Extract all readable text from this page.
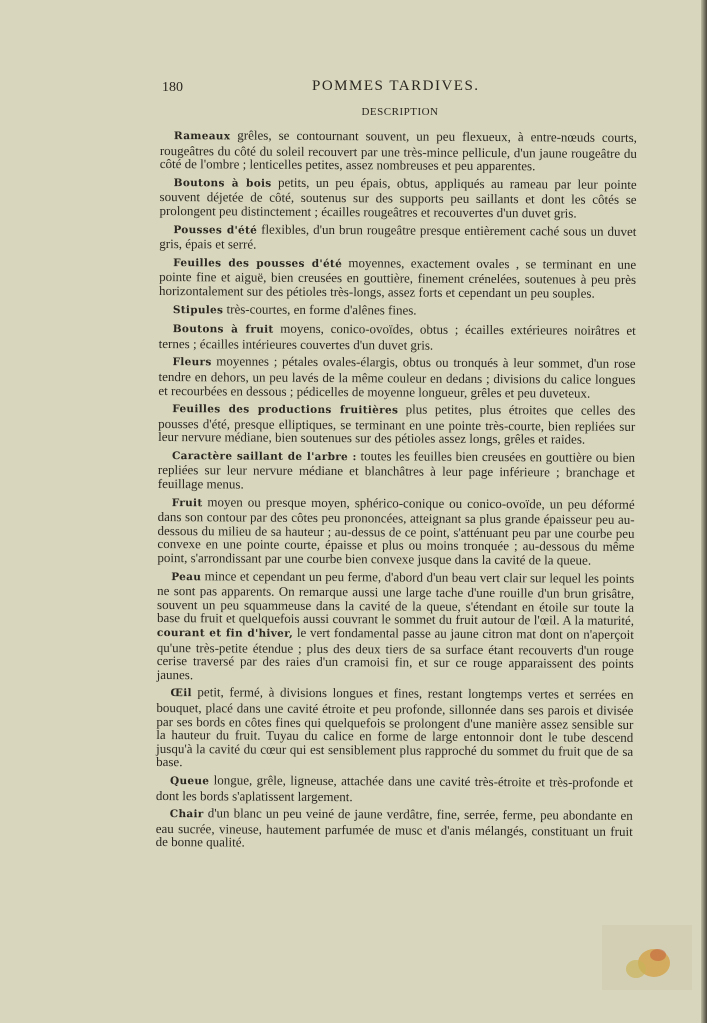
180	POMMES TARDIVES.
DESCRIPTION

Rameaux grêles, se contournant souvent, un peu flexueux, à entre-nœuds courts, rougeâtres du côté du soleil recouvert par une très-mince pellicule, d'un jaune rougeâtre du côté de l'ombre ; lenticelles petites, assez nombreuses et peu apparentes.

Boutons à bois petits, un peu épais, obtus, appliqués au rameau par leur pointe souvent déjetée de côté, soutenus sur des supports peu saillants et dont les côtés se prolongent peu distinctement ; écailles rougeâtres et recouvertes d'un duvet gris.

Pousses d'été flexibles, d'un brun rougeâtre presque entièrement caché sous un duvet gris, épais et serré.

Feuilles des pousses d'été moyennes, exactement ovales , se terminant en une pointe fine et aiguë, bien creusées en gouttière, finement crénelées, soutenues à peu près horizontalement sur des pétioles très-longs, assez forts et cependant un peu souples.

Stipules très-courtes, en forme d'alênes fines.

Boutons à fruit moyens, conico-ovoïdes, obtus ; écailles extérieures noirâtres et ternes ; écailles intérieures couvertes d'un duvet gris.

Fleurs moyennes ; pétales ovales-élargis, obtus ou tronqués à leur sommet, d'un rose tendre en dehors, un peu lavés de la même couleur en dedans ; divisions du calice longues et recourbées en dessous ; pédicelles de moyenne longueur, grêles et peu duveteux.

Feuilles des productions fruitières plus petites, plus étroites que celles des pousses d'été, presque elliptiques, se terminant en une pointe très-courte, bien repliées sur leur nervure médiane, bien soutenues sur des pétioles assez longs, grêles et raides.

Caractère saillant de l'arbre : toutes les feuilles bien creusées en gouttière ou bien repliées sur leur nervure médiane et blanchâtres à leur page inférieure ; branchage et feuillage menus.

Fruit moyen ou presque moyen, sphérico-conique ou conico-ovoïde, un peu déformé dans son contour par des côtes peu prononcées, atteignant sa plus grande épaisseur peu au-dessous du milieu de sa hauteur ; au-dessus de ce point, s'atténuant peu par une courbe peu convexe en une pointe courte, épaisse et plus ou moins tronquée ; au-dessous du même point, s'arrondissant par une courbe bien convexe jusque dans la cavité de la queue.

Peau mince et cependant un peu ferme, d'abord d'un beau vert clair sur lequel les points ne sont pas apparents. On remarque aussi une large tache d'une rouille d'un brun grisâtre, souvent un peu squammeuse dans la cavité de la queue, s'étendant en étoile sur toute la base du fruit et quelquefois aussi couvrant le sommet du fruit autour de l'œil. A la maturité, courant et fin d'hiver, le vert fondamental passe au jaune citron mat dont on n'aperçoit qu'une très-petite étendue ; plus des deux tiers de sa surface étant recouverts d'un rouge cerise traversé par des raies d'un cramoisi fin, et sur ce rouge apparaissent des points jaunes.

Œil petit, fermé, à divisions longues et fines, restant longtemps vertes et serrées en bouquet, placé dans une cavité étroite et peu profonde, sillonnée dans ses parois et divisée par ses bords en côtes fines qui quelquefois se prolongent d'une manière assez sensible sur la hauteur du fruit. Tuyau du calice en forme de large entonnoir dont le tube descend jusqu'à la cavité du cœur qui est sensiblement plus rapproché du sommet du fruit que de sa base.

Queue longue, grêle, ligneuse, attachée dans une cavité très-étroite et très-profonde et dont les bords s'aplatissent largement.

Chair d'un blanc un peu veiné de jaune verdâtre, fine, serrée, ferme, peu abondante en eau sucrée, vineuse, hautement parfumée de musc et d'anis mélangés, constituant un fruit de bonne qualité.
